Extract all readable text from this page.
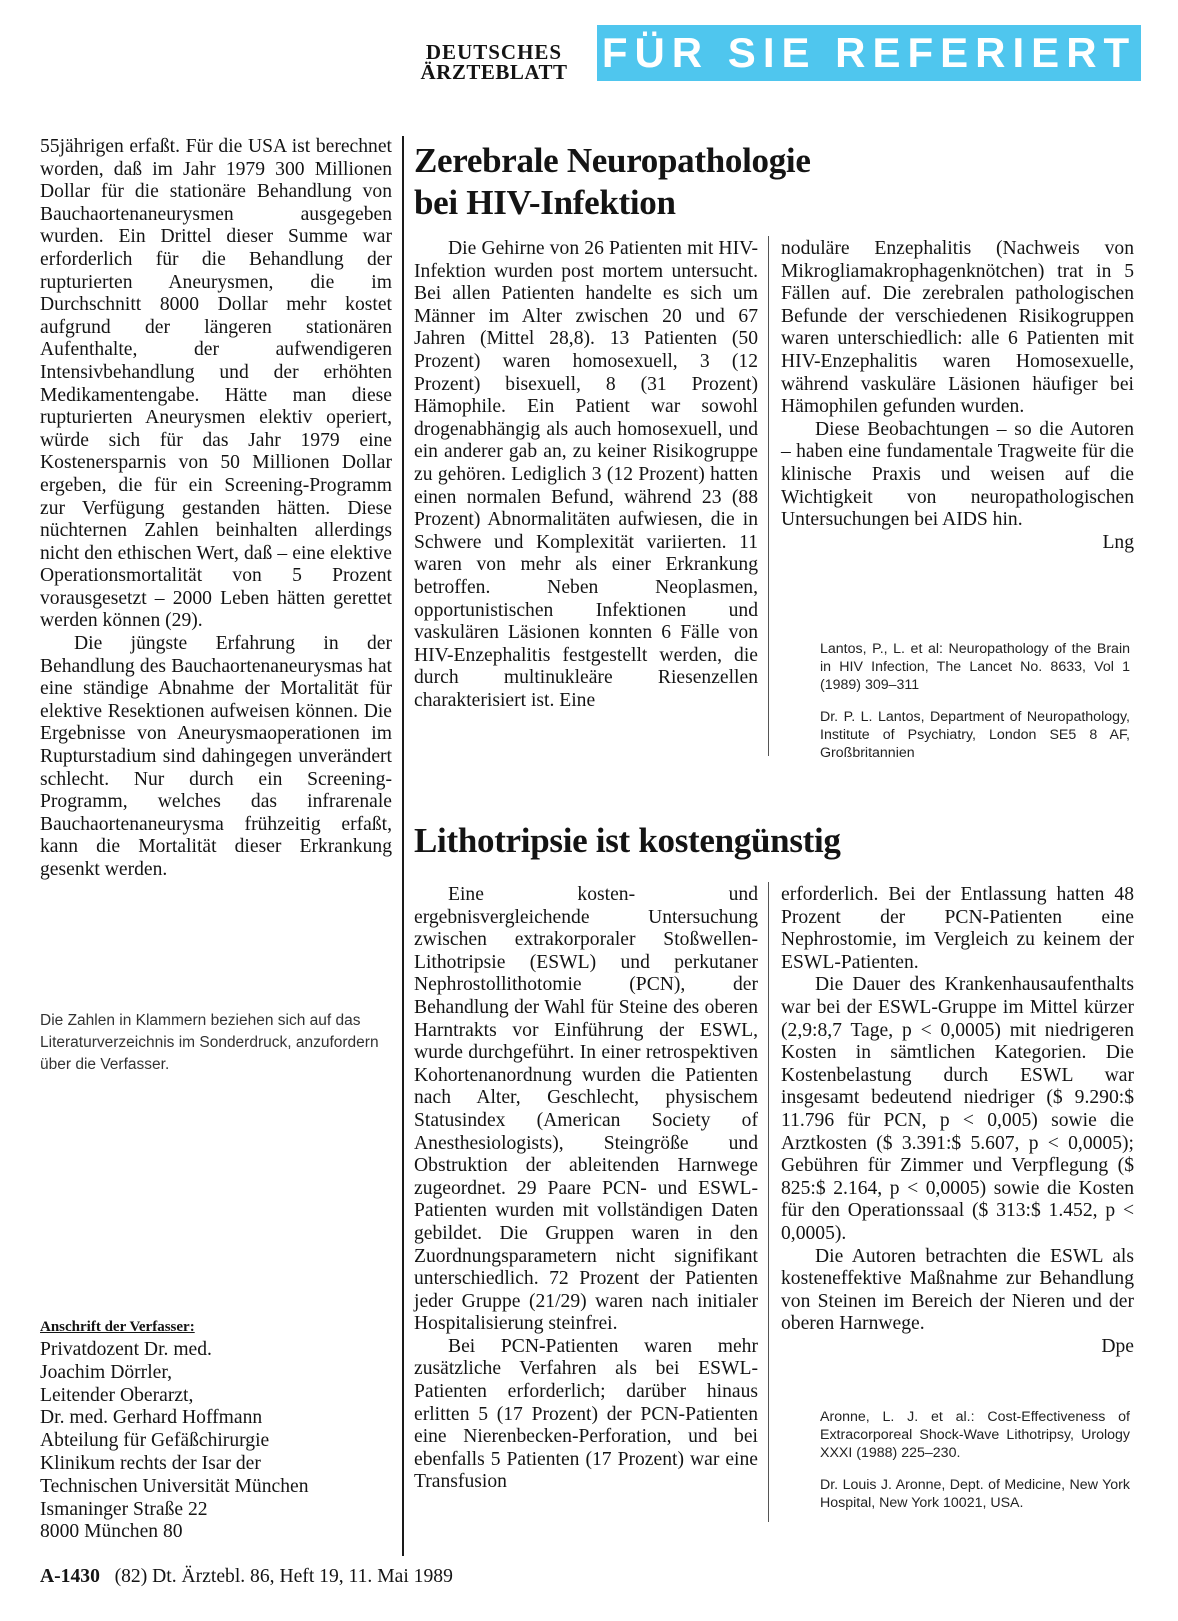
DEUTSCHES
ÄRZTEBLATT FÜR SIE REFERIERT

55jährigen erfaßt. Für die USA ist berechnet worden, daß im Jahr 1979 300 Millionen Dollar für die stationäre Behandlung von Bauchaortenaneurysmen ausgegeben wurden. Ein Drittel dieser Summe war erforderlich für die Behandlung der rupturierten Aneurysmen, die im Durchschnitt 8000 Dollar mehr kostet aufgrund der längeren stationären Aufenthalte, der aufwendigeren Intensivbehandlung und der erhöhten Medikamentengabe. Hätte man diese rupturierten Aneurysmen elektiv operiert, würde sich für das Jahr 1979 eine Kostenersparnis von 50 Millionen Dollar ergeben, die für ein Screening-Programm zur Verfügung gestanden hätten. Diese nüchternen Zahlen beinhalten allerdings nicht den ethischen Wert, daß – eine elektive Operationsmortalität von 5 Prozent vorausgesetzt – 2000 Leben hätten gerettet werden können (29).

Die jüngste Erfahrung in der Behandlung des Bauchaortenaneurysmas hat eine ständige Abnahme der Mortalität für elektive Resektionen aufweisen können. Die Ergebnisse von Aneurysmaoperationen im Rupturstadium sind dahingegen unverändert schlecht. Nur durch ein Screening-Programm, welches das infrarenale Bauchaortenaneurysma frühzeitig erfaßt, kann die Mortalität dieser Erkrankung gesenkt werden.

Die Zahlen in Klammern beziehen sich auf das Literaturverzeichnis im Sonderdruck, anzufordern über die Verfasser.
Anschrift der Verfasser:
Privatdozent Dr. med.
Joachim Dörrler,
Leitender Oberarzt,
Dr. med. Gerhard Hoffmann
Abteilung für Gefäßchirurgie
Klinikum rechts der Isar der
Technischen Universität München
Ismaninger Straße 22
8000 München 80
Zerebrale Neuropathologie
bei HIV-Infektion

Die Gehirne von 26 Patienten mit HIV-Infektion wurden post mortem untersucht. Bei allen Patienten handelte es sich um Männer im Alter zwischen 20 und 67 Jahren (Mittel 28,8). 13 Patienten (50 Prozent) waren homosexuell, 3 (12 Prozent) bisexuell, 8 (31 Prozent) Hämophile. Ein Patient war sowohl drogenabhängig als auch homosexuell, und ein anderer gab an, zu keiner Risikogruppe zu gehören. Lediglich 3 (12 Prozent) hatten einen normalen Befund, während 23 (88 Prozent) Abnormalitäten aufwiesen, die in Schwere und Komplexität variierten. 11 waren von mehr als einer Erkrankung betroffen. Neben Neoplasmen, opportunistischen Infektionen und vaskulären Läsionen konnten 6 Fälle von HIV-Enzephalitis festgestellt werden, die durch multinukleäre Riesenzellen charakterisiert ist. Eine

noduläre Enzephalitis (Nachweis von Mikrogliamakrophagenknötchen) trat in 5 Fällen auf. Die zerebralen pathologischen Befunde der verschiedenen Risikogruppen waren unterschiedlich: alle 6 Patienten mit HIV-Enzephalitis waren Homosexuelle, während vaskuläre Läsionen häufiger bei Hämophilen gefunden wurden.

Diese Beobachtungen – so die Autoren – haben eine fundamentale Tragweite für die klinische Praxis und weisen auf die Wichtigkeit von neuropathologischen Untersuchungen bei AIDS hin.

Lng

Lantos, P., L. et al: Neuropathology of the Brain in HIV Infection, The Lancet No. 8633, Vol 1 (1989) 309–311

Dr. P. L. Lantos, Department of Neuropathology, Institute of Psychiatry, London SE5 8 AF, Großbritannien

Lithotripsie ist kostengünstig

Eine kosten- und ergebnisvergleichende Untersuchung zwischen extrakorporaler Stoßwellen-Lithotripsie (ESWL) und perkutaner Nephrostollithotomie (PCN), der Behandlung der Wahl für Steine des oberen Harntrakts vor Einführung der ESWL, wurde durchgeführt. In einer retrospektiven Kohortenanordnung wurden die Patienten nach Alter, Geschlecht, physischem Statusindex (American Society of Anesthesiologists), Steingröße und Obstruktion der ableitenden Harnwege zugeordnet. 29 Paare PCN- und ESWL-Patienten wurden mit vollständigen Daten gebildet. Die Gruppen waren in den Zuordnungsparametern nicht signifikant unterschiedlich. 72 Prozent der Patienten jeder Gruppe (21/29) waren nach initialer Hospitalisierung steinfrei.

Bei PCN-Patienten waren mehr zusätzliche Verfahren als bei ESWL-Patienten erforderlich; darüber hinaus erlitten 5 (17 Prozent) der PCN-Patienten eine Nierenbecken-Perforation, und bei ebenfalls 5 Patienten (17 Prozent) war eine Transfusion

erforderlich. Bei der Entlassung hatten 48 Prozent der PCN-Patienten eine Nephrostomie, im Vergleich zu keinem der ESWL-Patienten.

Die Dauer des Krankenhausaufenthalts war bei der ESWL-Gruppe im Mittel kürzer (2,9:8,7 Tage, p < 0,0005) mit niedrigeren Kosten in sämtlichen Kategorien. Die Kostenbelastung durch ESWL war insgesamt bedeutend niedriger ($ 9.290:$ 11.796 für PCN, p < 0,005) sowie die Arztkosten ($ 3.391:$ 5.607, p < 0,0005); Gebühren für Zimmer und Verpflegung ($ 825:$ 2.164, p < 0,0005) sowie die Kosten für den Operationssaal ($ 313:$ 1.452, p < 0,0005).

Die Autoren betrachten die ESWL als kosteneffektive Maßnahme zur Behandlung von Steinen im Bereich der Nieren und der oberen Harnwege.

Dpe

Aronne, L. J. et al.: Cost-Effectiveness of Extracorporeal Shock-Wave Lithotripsy, Urology XXXI (1988) 225–230.

Dr. Louis J. Aronne, Dept. of Medicine, New York Hospital, New York 10021, USA.

A-1430 (82) Dt. Ärztebl. 86, Heft 19, 11. Mai 1989
